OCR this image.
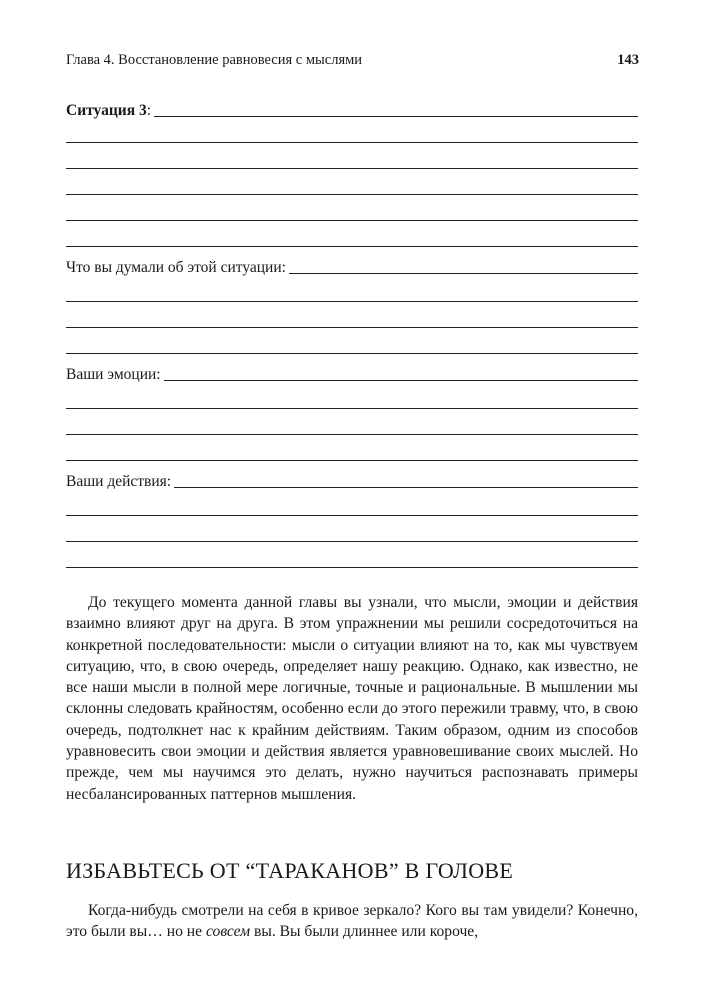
Глава 4. Восстановление равновесия с мыслями	143
Ситуация 3:
Что вы думали об этой ситуации:
Ваши эмоции:
Ваши действия:

До текущего момента данной главы вы узнали, что мысли, эмоции и действия взаимно влияют друг на друга. В этом упражнении мы решили сосредоточиться на конкретной последовательности: мысли о ситуации влияют на то, как мы чувствуем ситуацию, что, в свою очередь, определяет нашу реакцию. Однако, как известно, не все наши мысли в полной мере логичные, точные и рациональные. В мышлении мы склонны следовать крайностям, особенно если до этого пережили травму, что, в свою очередь, подтолкнет нас к крайним действиям. Таким образом, одним из способов уравновесить свои эмоции и действия является уравновешивание своих мыслей. Но прежде, чем мы научимся это делать, нужно научиться распознавать примеры несбалансированных паттернов мышления.

ИЗБАВЬТЕСЬ ОТ “ТАРАКАНОВ” В ГОЛОВЕ

Когда-нибудь смотрели на себя в кривое зеркало? Кого вы там увидели? Конечно, это были вы… но не совсем вы. Вы были длиннее или короче,
